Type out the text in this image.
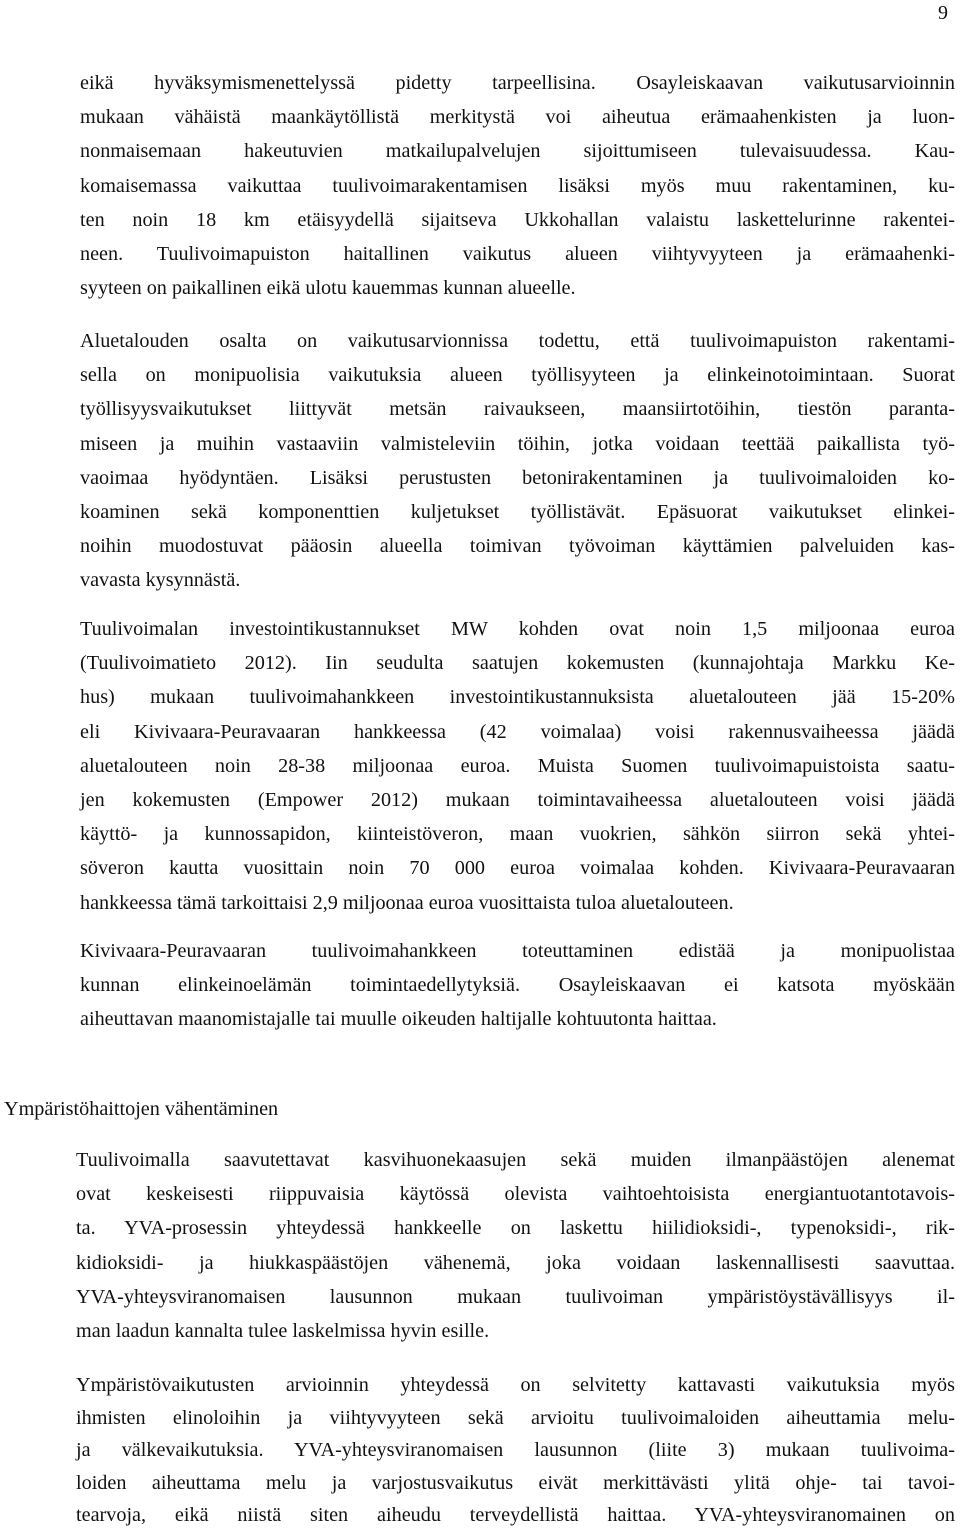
9
eikä hyväksymismenettelyssä pidetty tarpeellisina. Osayleiskaavan vaikutusarvioinnin
mukaan vähäistä maankäytöllistä merkitystä voi aiheutua erämaahenkisten ja luon-
nonmaisemaan hakeutuvien matkailupalvelujen sijoittumiseen tulevaisuudessa. Kau-
komaisemassa vaikuttaa tuulivoimarakentamisen lisäksi myös muu rakentaminen, ku-
ten noin 18 km etäisyydellä sijaitseva Ukkohallan valaistu laskettelurinne rakentei-
neen. Tuulivoimapuiston haitallinen vaikutus alueen viihtyvyyteen ja erämaahenki-
syyteen on paikallinen eikä ulotu kauemmas kunnan alueelle.
Aluetalouden osalta on vaikutusarvionnissa todettu, että tuulivoimapuiston rakentami-
sella on monipuolisia vaikutuksia alueen työllisyyteen ja elinkeinotoimintaan. Suorat
työllisyysvaikutukset liittyvät metsän raivaukseen, maansiirtotöihin, tiestön paranta-
miseen ja muihin vastaaviin valmisteleviin töihin, jotka voidaan teettää paikallista työ-
vaoimaa hyödyntäen. Lisäksi perustusten betonirakentaminen ja tuulivoimaloiden ko-
koaminen sekä komponenttien kuljetukset työllistävät. Epäsuorat vaikutukset elinkei-
noihin muodostuvat pääosin alueella toimivan työvoiman käyttämien palveluiden kas-
vavasta kysynnästä.
Tuulivoimalan investointikustannukset MW kohden ovat noin 1,5 miljoonaa euroa
(Tuulivoimatieto 2012). Iin seudulta saatujen kokemusten (kunnajohtaja Markku Ke-
hus) mukaan tuulivoimahankkeen investointikustannuksista aluetalouteen jää 15-20%
eli Kivivaara-Peuravaaran hankkeessa (42 voimalaa) voisi rakennusvaiheessa jäädä
aluetalouteen noin 28-38 miljoonaa euroa. Muista Suomen tuulivoimapuistoista saatu-
jen kokemusten (Empower 2012) mukaan toimintavaiheessa aluetalouteen voisi jäädä
käyttö- ja kunnossapidon, kiinteistöveron, maan vuokrien, sähkön siirron sekä yhtei-
söveron kautta vuosittain noin 70 000 euroa voimalaa kohden. Kivivaara-Peuravaaran
hankkeessa tämä tarkoittaisi 2,9 miljoonaa euroa vuosittaista tuloa aluetalouteen.
Kivivaara-Peuravaaran tuulivoimahankkeen toteuttaminen edistää ja monipuolistaa
kunnan elinkeinoelämän toimintaedellytyksiä. Osayleiskaavan ei katsota myöskään
aiheuttavan maanomistajalle tai muulle oikeuden haltijalle kohtuutonta haittaa.
Ympäristöhaittojen vähentäminen
Tuulivoimalla saavutettavat kasvihuonekaasujen sekä muiden ilmanpäästöjen alenemat
ovat keskeisesti riippuvaisia käytössä olevista vaihtoehtoisista energiantuotantotavois-
ta. YVA-prosessin yhteydessä hankkeelle on laskettu hiilidioksidi-, typenoksidi-, rik-
kidioksidi- ja hiukkaspäästöjen vähenemä, joka voidaan laskennallisesti saavuttaa.
YVA-yhteysviranomaisen lausunnon mukaan tuulivoiman ympäristöystävällisyys il-
man laadun kannalta tulee laskelmissa hyvin esille.
Ympäristövaikutusten arvioinnin yhteydessä on selvitetty kattavasti vaikutuksia myös
ihmisten elinoloihin ja viihtyvyyteen sekä arvioitu tuulivoimaloiden aiheuttamia melu-
ja välkevaikutuksia. YVA-yhteysviranomaisen lausunnon (liite 3) mukaan tuulivoima-
loiden aiheuttama melu ja varjostusvaikutus eivät merkittävästi ylitä ohje- tai tavoi-
tearvoja, eikä niistä siten aiheudu terveydellistä haittaa. YVA-yhteysviranomainen on
